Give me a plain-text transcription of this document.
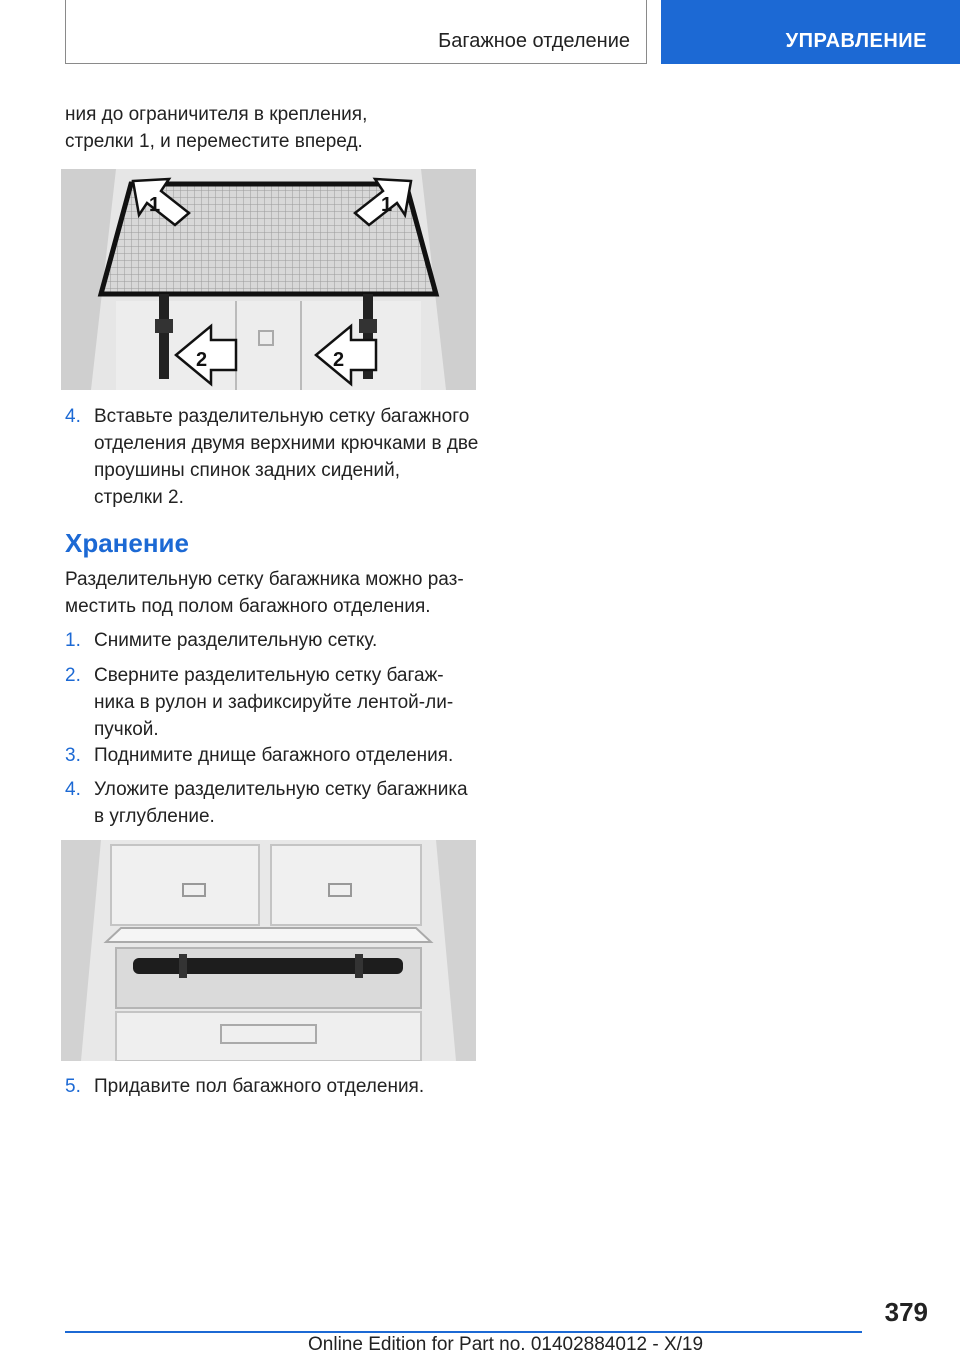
Багажное отделение	УПРАВЛЕНИЕ

ния до ограничителя в крепления,

стрелки 1, и переместите вперед.

1	1
2	2
4. Вставьте разделительную сетку багажного
отделения двумя верхними крючками в две
проушины спинок задних сидений,
стрелки 2.
Хранение

Разделительную сетку багажника можно раз-

местить под полом багажного отделения.

1. Снимите разделительную сетку.
2. Сверните разделительную сетку багаж-
ника в рулон и зафиксируйте лентой-ли-
пучкой.
3. Поднимите днище багажного отделения.
4. Уложите разделительную сетку багажника
в углубление.
5. Придавите пол багажного отделения.
379
Online Edition for Part no. 01402884012 - X/19
